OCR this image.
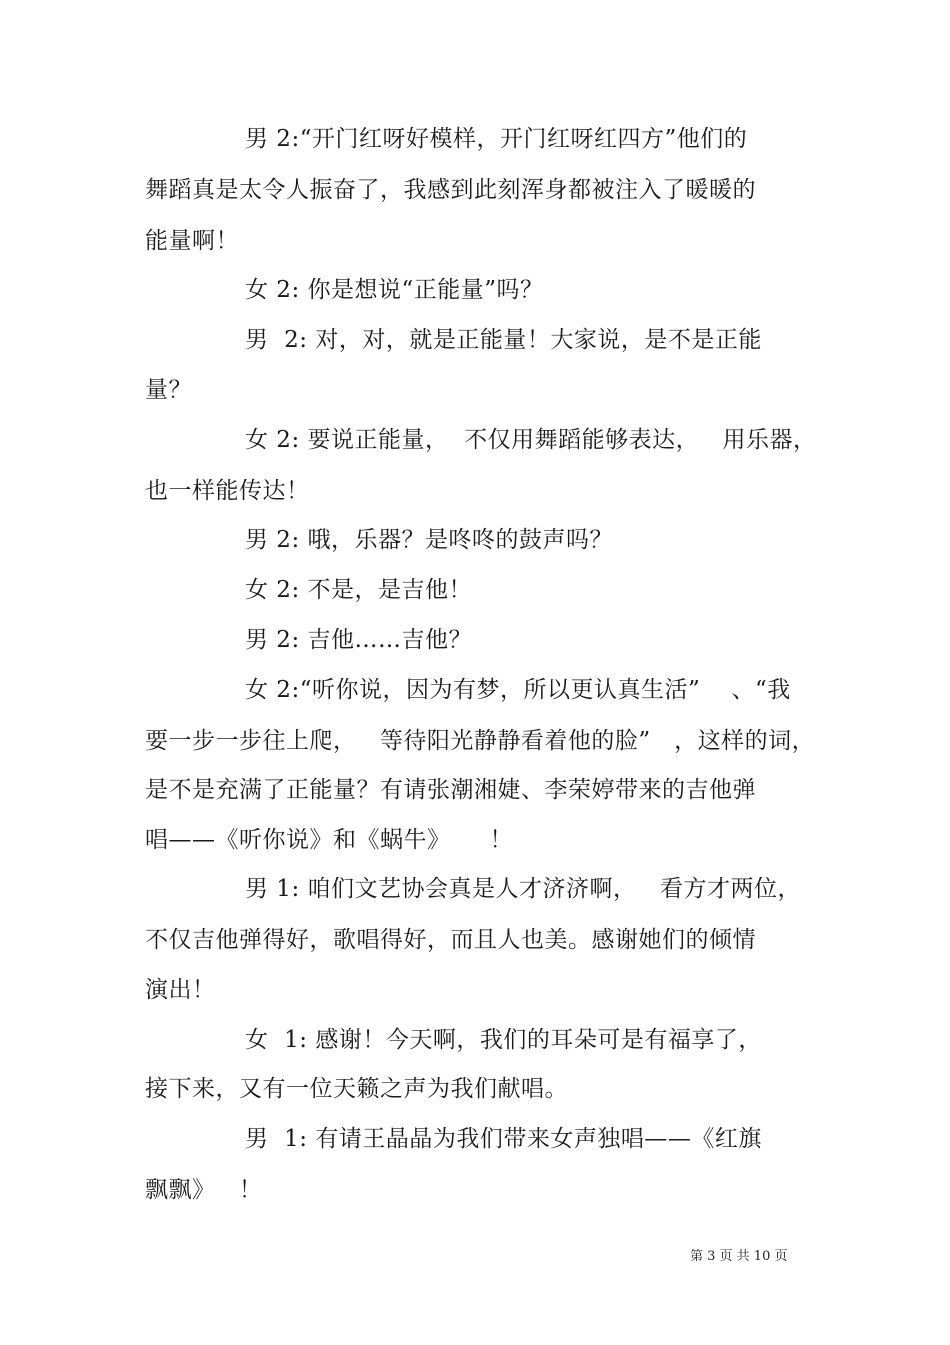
男 2:“开门红呀好模样，开门红呀红四方”他们的
舞蹈真是太令人振奋了，我感到此刻浑身都被注入了暖暖的
能量啊！
女 2: 你是想说“正能量”吗？
男  2: 对，对，就是正能量！大家说，是不是正能
量？
女 2: 要说正能量，  不仅用舞蹈能够表达，   用乐器，
也一样能传达！
男 2: 哦，乐器？是咚咚的鼓声吗？
女 2: 不是，是吉他！
男 2: 吉他……吉他？
女 2:“听你说，因为有梦，所以更认真生活”    、“我
要一步一步往上爬，   等待阳光静静看着他的脸”   ，这样的词，
是不是充满了正能量？有请张潮湘婕、李荣婷带来的吉他弹
唱——《听你说》和《蜗牛》     ！
男 1: 咱们文艺协会真是人才济济啊，   看方才两位，
不仅吉他弹得好，歌唱得好，而且人也美。感谢她们的倾情
演出！
女  1: 感谢！今天啊，我们的耳朵可是有福享了，
接下来，又有一位天籁之声为我们献唱。
男  1: 有请王晶晶为我们带来女声独唱——《红旗
飘飘》   ！
第 3 页 共 10 页
